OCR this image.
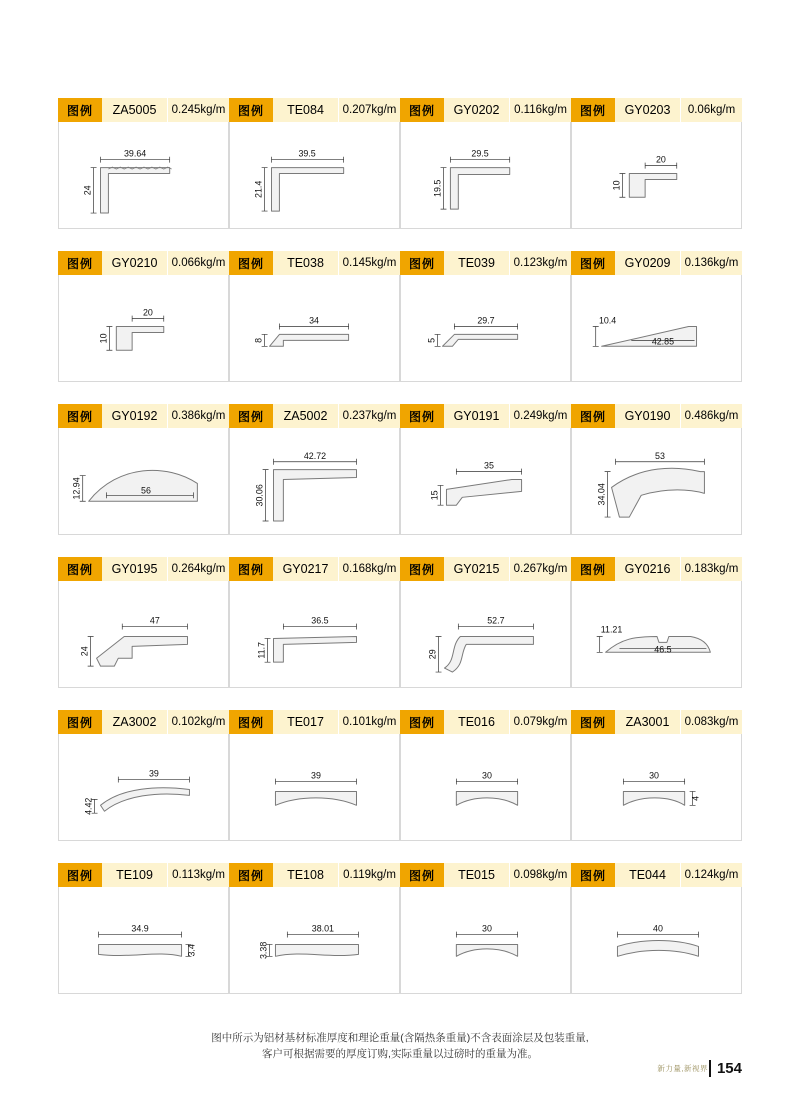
图例	ZA5005	0.245kg/m
39.64
24
图例	TE084	0.207kg/m
39.5
21.4
图例	GY0202	0.116kg/m
29.5
19.5
图例	GY0203	0.06kg/m
20
10
图例	GY0210	0.066kg/m
20
10
图例	TE038	0.145kg/m
34
8
图例	TE039	0.123kg/m
29.7
5
图例	GY0209	0.136kg/m
10.4
42.85
图例	GY0192	0.386kg/m
12.94	56
图例	ZA5002	0.237kg/m
42.72
30.06
图例	GY0191	0.249kg/m
35
15
图例	GY0190	0.486kg/m
53
34.04
图例	GY0195	0.264kg/m
47
24
图例	GY0217	0.168kg/m
36.5
11.7
图例	GY0215	0.267kg/m
52.7
29
图例	GY0216	0.183kg/m
11.21
46.5
图例	ZA3002	0.102kg/m
39
4.42
图例	TE017	0.101kg/m
39
图例	TE016	0.079kg/m
30
图例	ZA3001	0.083kg/m
30
4
图例	TE109	0.113kg/m
34.9
3.4
图例	TE108	0.119kg/m
38.01
3.38
图例	TE015	0.098kg/m
30
图例	TE044	0.124kg/m
40
图中所示为铝材基材标准厚度和理论重量(含隔热条重量)不含表面涂层及包装重量,
客户可根据需要的厚度订购,实际重量以过磅时的重量为准。
新力量,新视界 154
